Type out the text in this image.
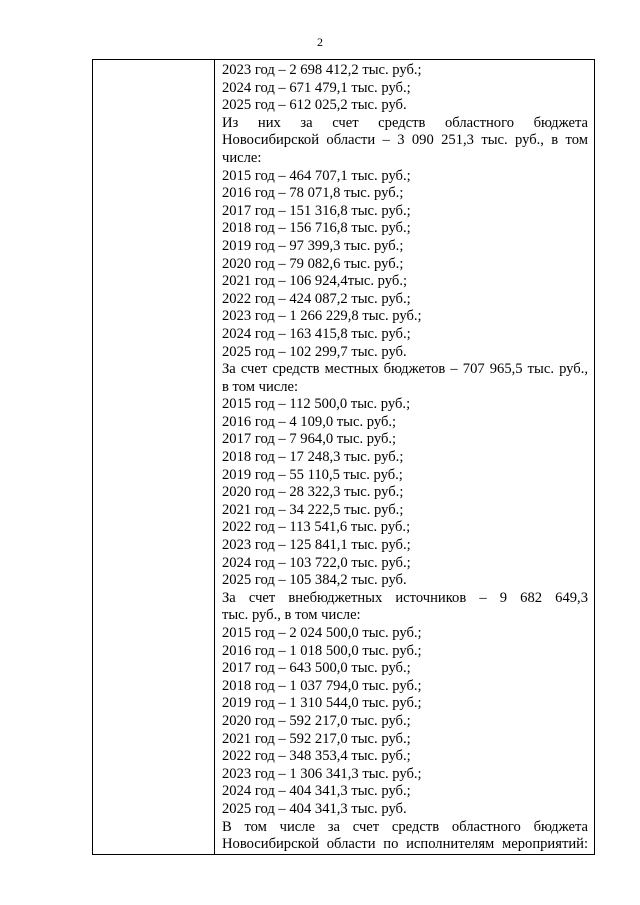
2

2023 год – 2 698 412,2 тыс. руб.;
2024 год – 671 479,1 тыс. руб.;
2025 год – 612 025,2 тыс. руб.
Из них за счет средств областного бюджета
Новосибирской области – 3 090 251,3 тыс. руб., в том
числе:
2015 год – 464 707,1 тыс. руб.;
2016 год – 78 071,8 тыс. руб.;
2017 год – 151 316,8 тыс. руб.;
2018 год – 156 716,8 тыс. руб.;
2019 год – 97 399,3 тыс. руб.;
2020 год – 79 082,6 тыс. руб.;
2021 год – 106 924,4тыс. руб.;
2022 год – 424 087,2 тыс. руб.;
2023 год – 1 266 229,8 тыс. руб.;
2024 год – 163 415,8 тыс. руб.;
2025 год – 102 299,7 тыс. руб.
За счет средств местных бюджетов – 707 965,5 тыс. руб.,
в том числе:
2015 год – 112 500,0 тыс. руб.;
2016 год – 4 109,0 тыс. руб.;
2017 год – 7 964,0 тыс. руб.;
2018 год – 17 248,3 тыс. руб.;
2019 год – 55 110,5 тыс. руб.;
2020 год – 28 322,3 тыс. руб.;
2021 год – 34 222,5 тыс. руб.;
2022 год – 113 541,6 тыс. руб.;
2023 год – 125 841,1 тыс. руб.;
2024 год – 103 722,0 тыс. руб.;
2025 год – 105 384,2 тыс. руб.
За счет внебюджетных источников – 9 682 649,3
тыс. руб., в том числе:
2015 год – 2 024 500,0 тыс. руб.;
2016 год – 1 018 500,0 тыс. руб.;
2017 год – 643 500,0 тыс. руб.;
2018 год – 1 037 794,0 тыс. руб.;
2019 год – 1 310 544,0 тыс. руб.;
2020 год – 592 217,0 тыс. руб.;
2021 год – 592 217,0 тыс. руб.;
2022 год – 348 353,4 тыс. руб.;
2023 год – 1 306 341,3 тыс. руб.;
2024 год – 404 341,3 тыс. руб.;
2025 год – 404 341,3 тыс. руб.
В том числе за счет средств областного бюджета
Новосибирской области по исполнителям мероприятий:
